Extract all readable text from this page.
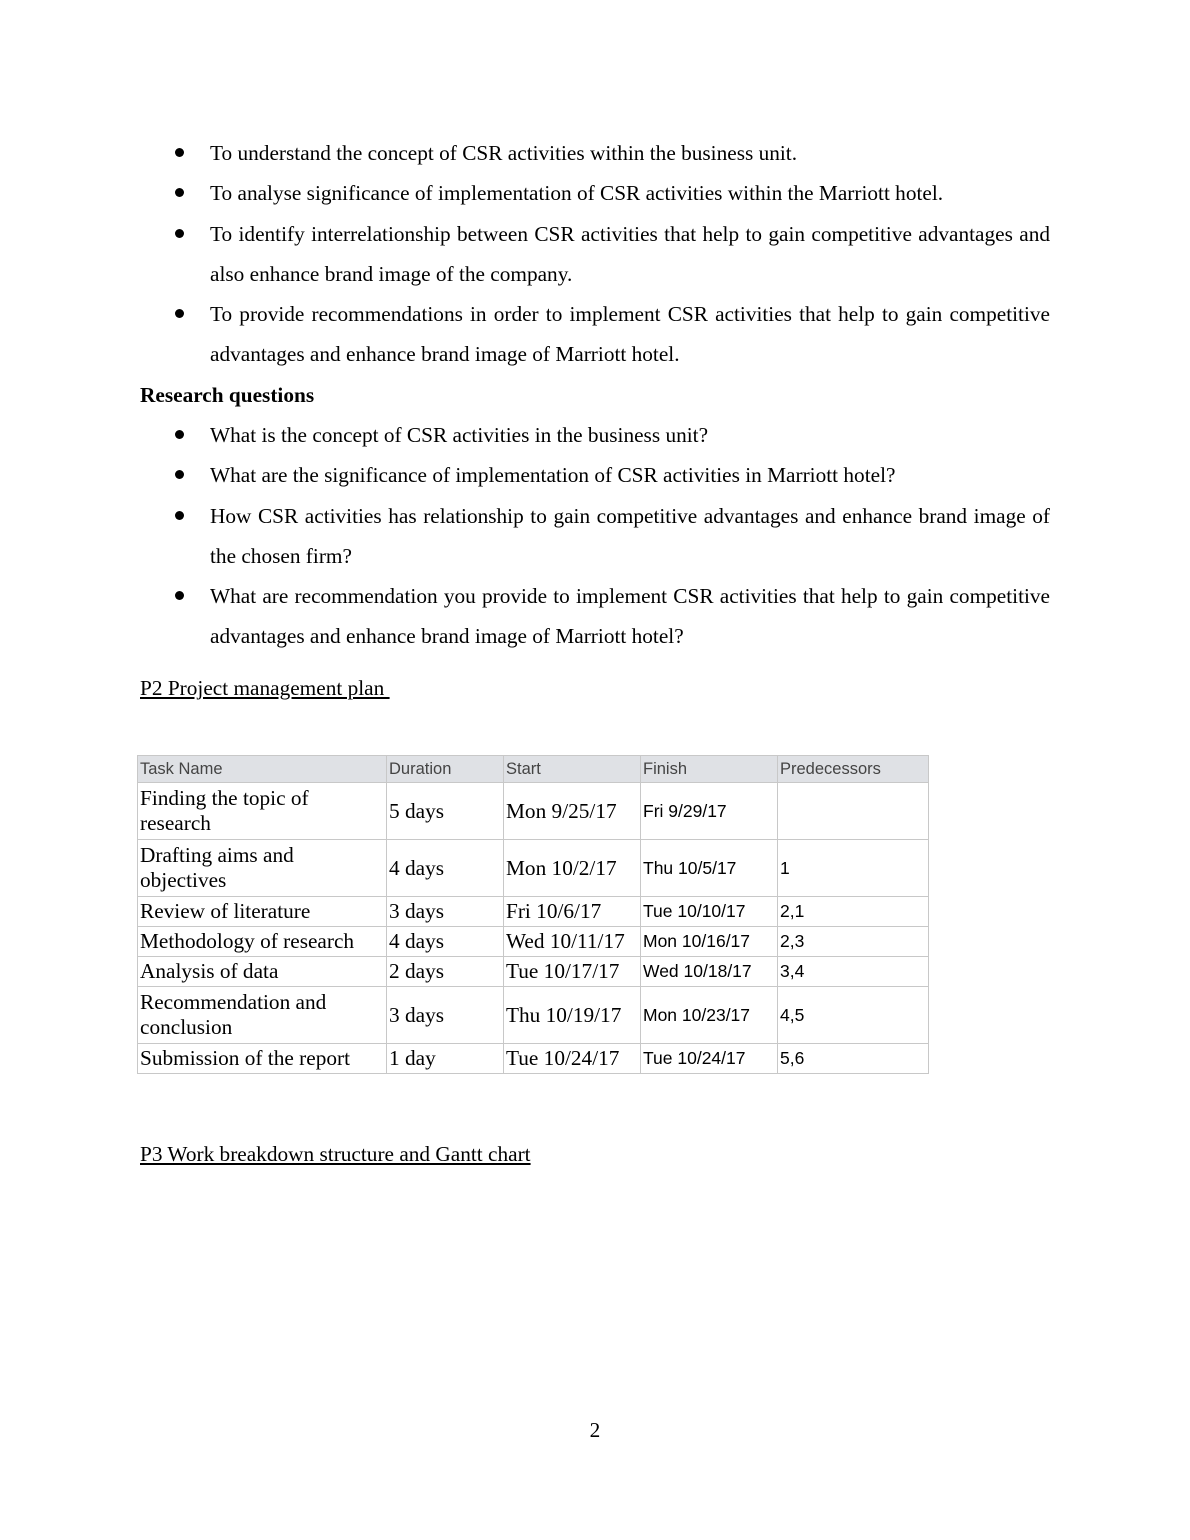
To understand the concept of CSR activities within the business unit.
To analyse significance of implementation of CSR activities within the Marriott hotel.
To identify interrelationship between CSR activities that help to gain competitive advantages and also enhance brand image of the company.
To provide recommendations in order to implement CSR activities that help to gain competitive advantages and enhance brand image of Marriott hotel.
Research questions
What is the concept of CSR activities in the business unit?
What are the significance of implementation of CSR activities in Marriott hotel?
How CSR activities has relationship to gain competitive advantages and enhance brand image of the chosen firm?
What are recommendation you provide to implement CSR activities that help to gain competitive advantages and enhance brand image of Marriott hotel?
P2 Project management plan
Task Name	Duration	Start	Finish	Predecessors
Finding the topic of research	5 days	Mon 9/25/17	Fri 9/29/17	
Drafting aims and objectives	4 days	Mon 10/2/17	Thu 10/5/17	1
Review of literature	3 days	Fri 10/6/17	Tue 10/10/17	2,1
Methodology of research	4 days	Wed 10/11/17	Mon 10/16/17	2,3
Analysis of data	2 days	Tue 10/17/17	Wed 10/18/17	3,4
Recommendation and conclusion	3 days	Thu 10/19/17	Mon 10/23/17	4,5
Submission of the report	1 day	Tue 10/24/17	Tue 10/24/17	5,6
P3 Work breakdown structure and Gantt chart
2
